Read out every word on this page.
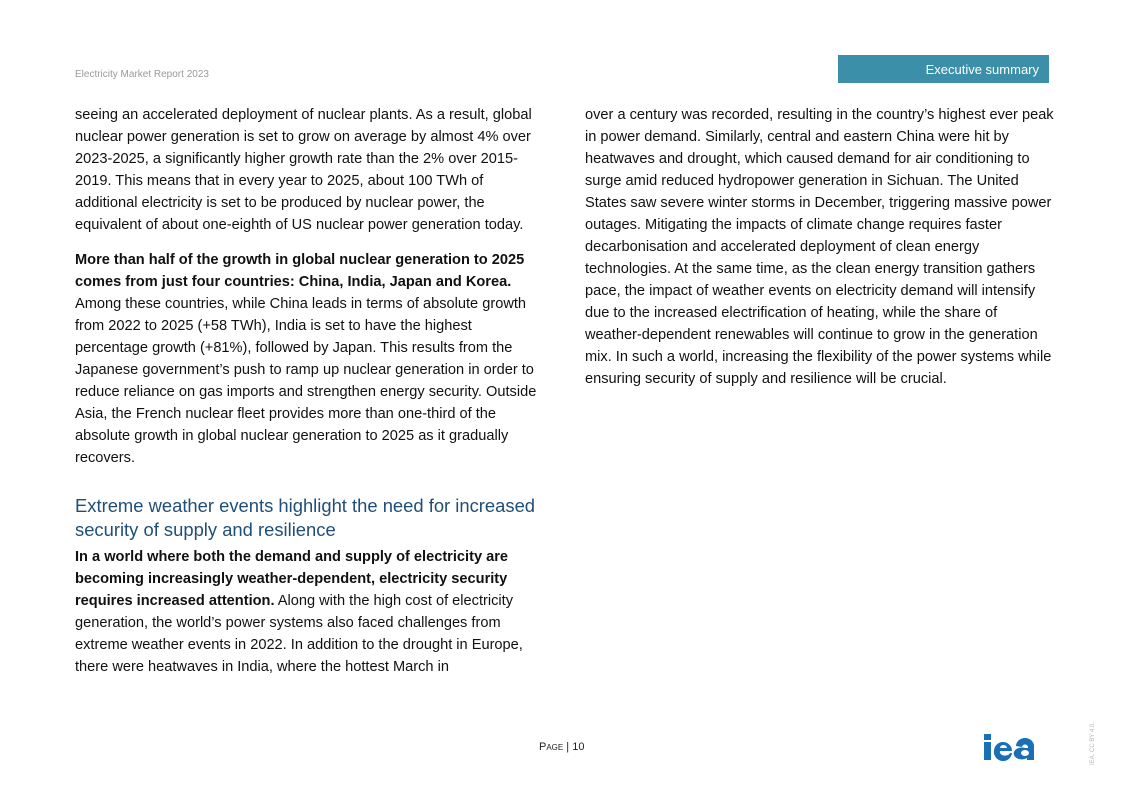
Electricity Market Report 2023	Executive summary

seeing an accelerated deployment of nuclear plants. As a result, global nuclear power generation is set to grow on average by almost 4% over 2023-2025, a significantly higher growth rate than the 2% over 2015-2019. This means that in every year to 2025, about 100 TWh of additional electricity is set to be produced by nuclear power, the equivalent of about one-eighth of US nuclear power generation today.

More than half of the growth in global nuclear generation to 2025 comes from just four countries: China, India, Japan and Korea. Among these countries, while China leads in terms of absolute growth from 2022 to 2025 (+58 TWh), India is set to have the highest percentage growth (+81%), followed by Japan. This results from the Japanese government’s push to ramp up nuclear generation in order to reduce reliance on gas imports and strengthen energy security. Outside Asia, the French nuclear fleet provides more than one-third of the absolute growth in global nuclear generation to 2025 as it gradually recovers.

Extreme weather events highlight the need for increased security of supply and resilience

In a world where both the demand and supply of electricity are becoming increasingly weather-dependent, electricity security requires increased attention. Along with the high cost of electricity generation, the world’s power systems also faced challenges from extreme weather events in 2022. In addition to the drought in Europe, there were heatwaves in India, where the hottest March in

over a century was recorded, resulting in the country’s highest ever peak in power demand. Similarly, central and eastern China were hit by heatwaves and drought, which caused demand for air conditioning to surge amid reduced hydropower generation in Sichuan. The United States saw severe winter storms in December, triggering massive power outages. Mitigating the impacts of climate change requires faster decarbonisation and accelerated deployment of clean energy technologies. At the same time, as the clean energy transition gathers pace, the impact of weather events on electricity demand will intensify due to the increased electrification of heating, while the share of weather-dependent renewables will continue to grow in the generation mix. In such a world, increasing the flexibility of the power systems while ensuring security of supply and resilience will be crucial.

Page | 10	IEA. CC BY 4.0.
